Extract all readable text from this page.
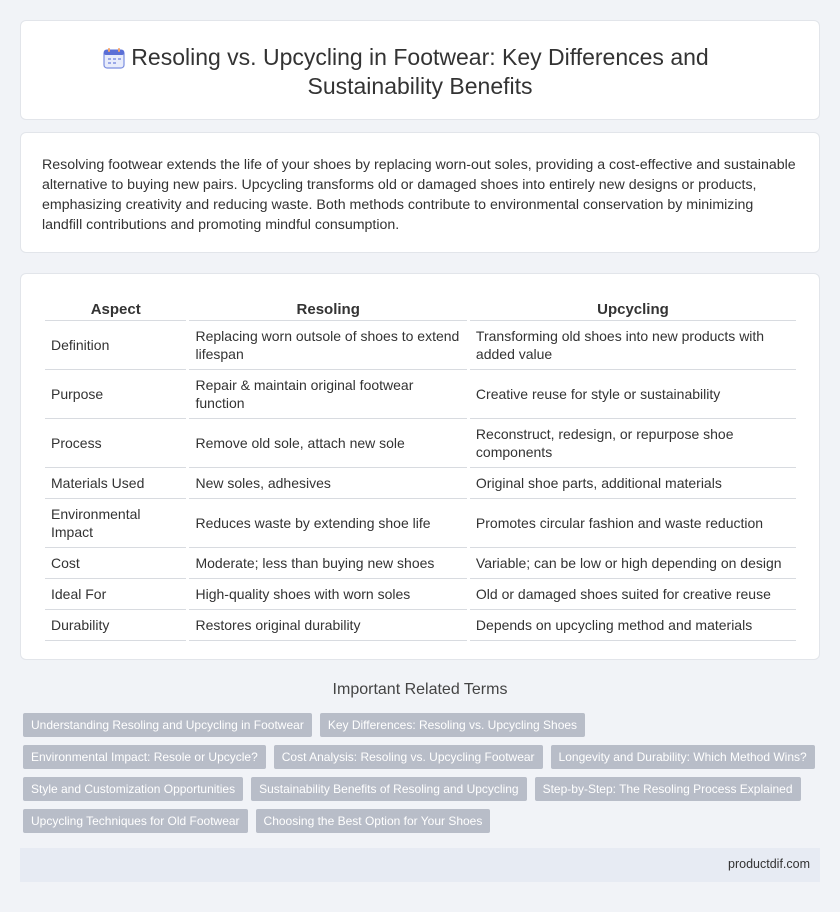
Resoling vs. Upcycling in Footwear: Key Differences and Sustainability Benefits

Resolving footwear extends the life of your shoes by replacing worn-out soles, providing a cost-effective and sustainable alternative to buying new pairs. Upcycling transforms old or damaged shoes into entirely new designs or products, emphasizing creativity and reducing waste. Both methods contribute to environmental conservation by minimizing landfill contributions and promoting mindful consumption.

Aspect	Resoling	Upcycling
Definition	Replacing worn outsole of shoes to extend lifespan	Transforming old shoes into new products with added value
Purpose	Repair & maintain original footwear function	Creative reuse for style or sustainability
Process	Remove old sole, attach new sole	Reconstruct, redesign, or repurpose shoe components
Materials Used	New soles, adhesives	Original shoe parts, additional materials
Environmental Impact	Reduces waste by extending shoe life	Promotes circular fashion and waste reduction
Cost	Moderate; less than buying new shoes	Variable; can be low or high depending on design
Ideal For	High-quality shoes with worn soles	Old or damaged shoes suited for creative reuse
Durability	Restores original durability	Depends on upcycling method and materials
Important Related Terms
Understanding Resoling and Upcycling in Footwear	Key Differences: Resoling vs. Upcycling Shoes
Environmental Impact: Resole or Upcycle?	Cost Analysis: Resoling vs. Upcycling Footwear	Longevity and Durability: Which Method Wins?
Style and Customization Opportunities	Sustainability Benefits of Resoling and Upcycling	Step-by-Step: The Resoling Process Explained
Upcycling Techniques for Old Footwear	Choosing the Best Option for Your Shoes
productdif.com
